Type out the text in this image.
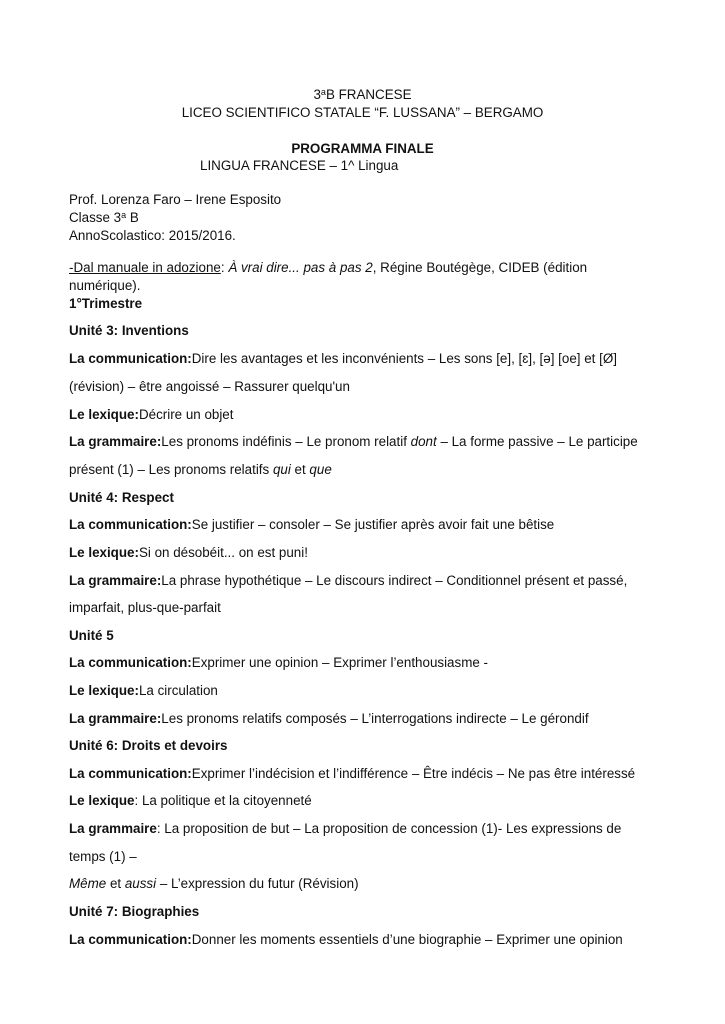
3$^a$B FRANCESE
LICEO SCIENTIFICO STATALE “F. LUSSANA” – BERGAMO
PROGRAMMA FINALE
LINGUA FRANCESE – 1^ Lingua
Prof. Lorenza Faro – Irene Esposito
Classe 3$^a$ B
AnnoScolastico: 2015/2016.
-Dal manuale in adozione: À vrai dire... pas à pas 2, Régine Boutégège, CIDEB (édition
numérique).
1°Trimestre
Unité 3: Inventions
La communication:Dire les avantages et les inconvénients – Les sons [e], [ɛ], [ə] [oe] et [Ø]
(révision) – être angoissé – Rassurer quelqu'un
Le lexique:Décrire un objet
La grammaire:Les pronoms indéfinis – Le pronom relatif dont – La forme passive – Le participe
présent (1) – Les pronoms relatifs qui et que
Unité 4: Respect
La communication:Se justifier – consoler – Se justifier après avoir fait une bêtise
Le lexique:Si on désobéit... on est puni!
La grammaire:La phrase hypothétique – Le discours indirect – Conditionnel présent et passé,
imparfait, plus-que-parfait
Unité 5
La communication:Exprimer une opinion – Exprimer l’enthousiasme -
Le lexique:La circulation
La grammaire:Les pronoms relatifs composés – L’interrogations indirecte – Le gérondif
Unité 6: Droits et devoirs
La communication:Exprimer l’indécision et l’indifférence – Être indécis – Ne pas être intéressé
Le lexique: La politique et la citoyenneté
La grammaire: La proposition de but – La proposition de concession (1)- Les expressions de
temps (1) –
Même et aussi – L’expression du futur (Révision)
Unité 7: Biographies
La communication:Donner les moments essentiels d’une biographie – Exprimer une opinion
